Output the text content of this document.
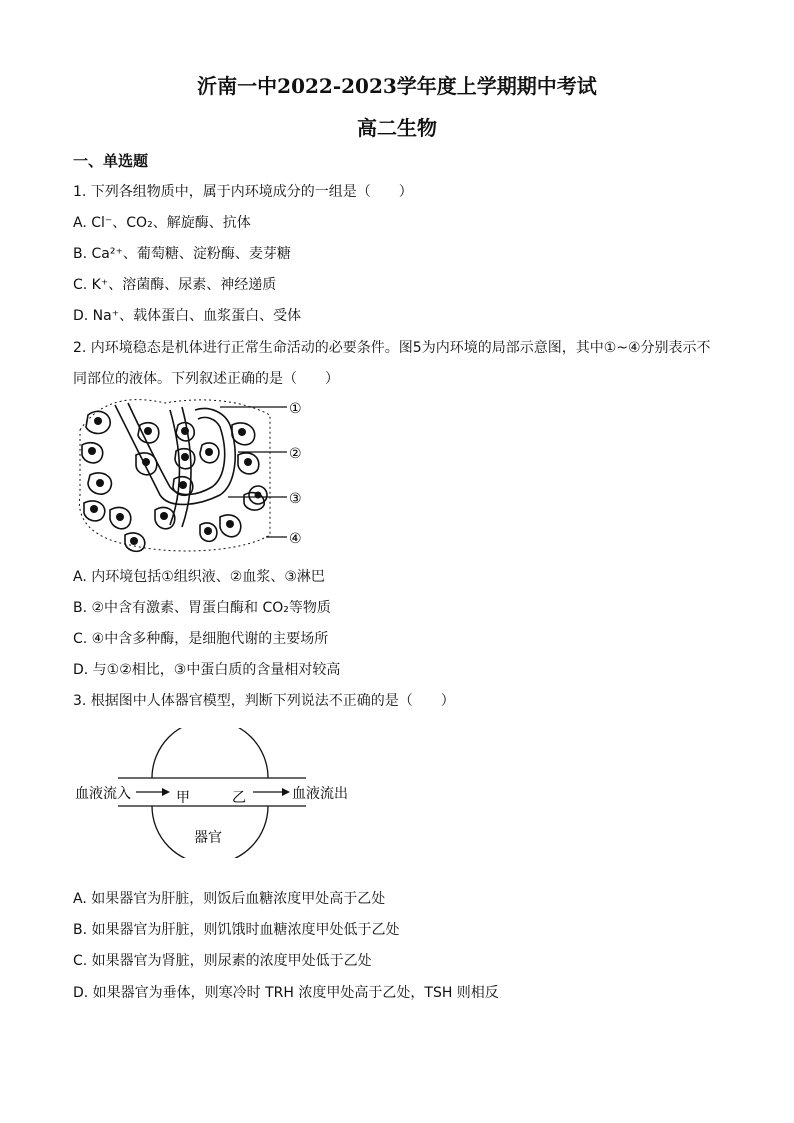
沂南一中2022-2023学年度上学期期中考试
高二生物
一、单选题
1. 下列各组物质中，属于内环境成分的一组是（　　）
A. Cl⁻、CO₂、解旋酶、抗体
B. Ca²⁺、葡萄糖、淀粉酶、麦芽糖
C. K⁺、溶菌酶、尿素、神经递质
D. Na⁺、载体蛋白、血浆蛋白、受体
2. 内环境稳态是机体进行正常生命活动的必要条件。图5为内环境的局部示意图，其中①~④分别表示不
同部位的液体。下列叙述正确的是（　　）
①
②
③
④
A. 内环境包括①组织液、②血浆、③淋巴
B. ②中含有激素、胃蛋白酶和 CO₂等物质
C. ④中含多种酶，是细胞代谢的主要场所
D. 与①②相比，③中蛋白质的含量相对较高
3. 根据图中人体器官模型，判断下列说法不正确的是（　　）
血液流入	甲	乙	血液流出
器官
A. 如果器官为肝脏，则饭后血糖浓度甲处高于乙处
B. 如果器官为肝脏，则饥饿时血糖浓度甲处低于乙处
C. 如果器官为肾脏，则尿素的浓度甲处低于乙处
D. 如果器官为垂体，则寒冷时 TRH 浓度甲处高于乙处，TSH 则相反
